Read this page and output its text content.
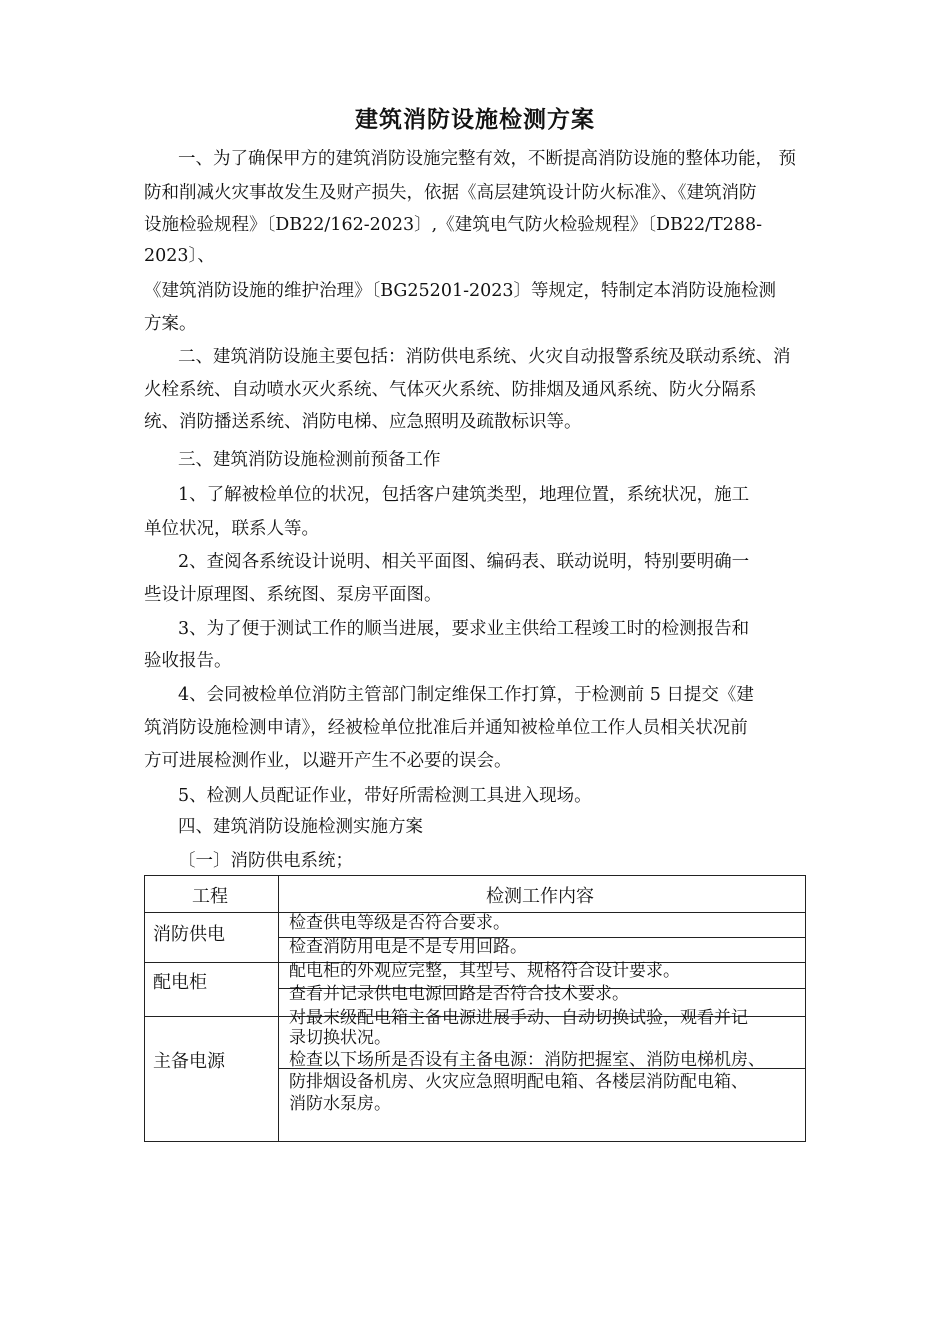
建筑消防设施检测方案
一、为了确保甲方的建筑消防设施完整有效，不断提高消防设施的整体功能， 预
防和削减火灾事故发生及财产损失，依据《高层建筑设计防火标准》、《建筑消防
设施检验规程》〔DB22/162-2023〕,《建筑电气防火检验规程》〔DB22/T288-
2023〕、
《建筑消防设施的维护治理》〔BG25201-2023〕等规定，特制定本消防设施检测
方案。
二、建筑消防设施主要包括：消防供电系统、火灾自动报警系统及联动系统、消
火栓系统、自动喷水灭火系统、气体灭火系统、防排烟及通风系统、防火分隔系
统、消防播送系统、消防电梯、应急照明及疏散标识等。
三、建筑消防设施检测前预备工作
1、了解被检单位的状况，包括客户建筑类型，地理位置，系统状况，施工
单位状况，联系人等。
2、查阅各系统设计说明、相关平面图、编码表、联动说明，特别要明确一
些设计原理图、系统图、泵房平面图。
3、为了便于测试工作的顺当进展，要求业主供给工程竣工时的检测报告和
验收报告。
4、会同被检单位消防主管部门制定维保工作打算，于检测前 5 日提交《建
筑消防设施检测申请》，经被检单位批准后并通知被检单位工作人员相关状况前
方可进展检测作业，以避开产生不必要的误会。
5、检测人员配证作业，带好所需检测工具进入现场。
四、建筑消防设施检测实施方案
〔一〕消防供电系统；
工程	检测工作内容
消防供电
配电柜
主备电源
检查供电等级是否符合要求。
检查消防用电是不是专用回路。
配电柜的外观应完整，其型号、规格符合设计要求。
查看并记录供电电源回路是否符合技术要求。
对最末级配电箱主备电源进展手动、自动切换试验，观看并记
录切换状况。
检查以下场所是否设有主备电源：消防把握室、消防电梯机房、
防排烟设备机房、火灾应急照明配电箱、各楼层消防配电箱、
消防水泵房。
